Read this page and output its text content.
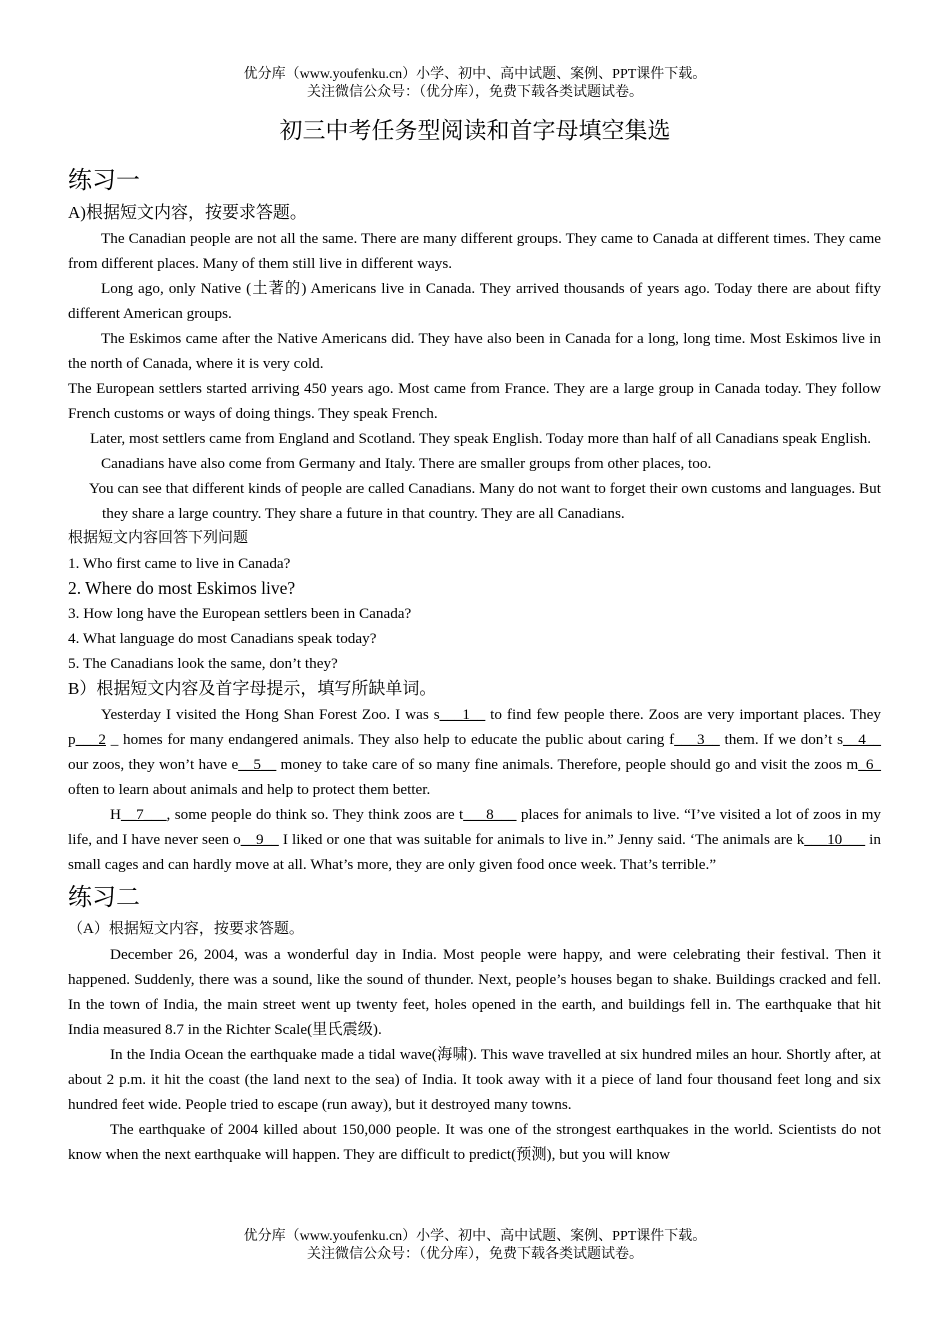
优分库（www.youfenku.cn）小学、初中、高中试题、案例、PPT课件下载。
关注微信公众号：（优分库），免费下载各类试题试卷。
初三中考任务型阅读和首字母填空集选
练习一

A)根据短文内容，按要求答题。

The Canadian people are not all the same. There are many different groups. They came to Canada at different times. They came from different places. Many of them still live in different ways.

Long ago, only Native (土著的) Americans live in Canada. They arrived thousands of years ago. Today there are about fifty different American groups.

The Eskimos came after the Native Americans did. They have also been in Canada for a long, long time. Most Eskimos live in the north of Canada, where it is very cold.

The European settlers started arriving 450 years ago. Most came from France. They are a large group in Canada today. They follow French customs or ways of doing things. They speak French.

Later, most settlers came from England and Scotland. They speak English. Today more than half of all Canadians speak English.

Canadians have also come from Germany and Italy. There are smaller groups from other places, too.

You can see that different kinds of people are called Canadians. Many do not want to forget their own customs and languages. But they share a large country. They share a future in that country. They are all Canadians.

根据短文内容回答下列问题

1. Who first came to live in Canada?

2. Where do most Eskimos live?

3. How long have the European settlers been in Canada?

4. What language do most Canadians speak today?

5. The Canadians look the same, don’t they?

B）根据短文内容及首字母提示，填写所缺单词。

Yesterday I visited the Hong Shan Forest Zoo. I was s___1__ to find few people there. Zoos are very important places. They p___2 _ homes for many endangered animals. They also help to educate the public about caring f___3__ them. If we don’t s__4__ our zoos, they won’t have e__5__ money to take care of so many fine animals. Therefore, people should go and visit the zoos m_6_ often to learn about animals and help to protect them better.

H__7___, some people do think so. They think zoos are t___8___ places for animals to live. “I’ve visited a lot of zoos in my life, and I have never seen o__9__ I liked or one that was suitable for animals to live in.” Jenny said. ‘The animals are k___10___ in small cages and can hardly move at all. What’s more, they are only given food once week. That’s terrible.”

练习二

（A）根据短文内容，按要求答题。

December 26, 2004, was a wonderful day in India. Most people were happy, and were celebrating their festival. Then it happened. Suddenly, there was a sound, like the sound of thunder. Next, people’s houses began to shake. Buildings cracked and fell. In the town of India, the main street went up twenty feet, holes opened in the earth, and buildings fell in. The earthquake that hit India measured 8.7 in the Richter Scale(里氏震级).

In the India Ocean the earthquake made a tidal wave(海啸). This wave travelled at six hundred miles an hour. Shortly after, at about 2 p.m. it hit the coast (the land next to the sea) of India. It took away with it a piece of land four thousand feet long and six hundred feet wide. People tried to escape (run away), but it destroyed many towns.

The earthquake of 2004 killed about 150,000 people. It was one of the strongest earthquakes in the world. Scientists do not know when the next earthquake will happen. They are difficult to predict(预测), but you will know

优分库（www.youfenku.cn）小学、初中、高中试题、案例、PPT课件下载。
关注微信公众号：（优分库），免费下载各类试题试卷。
